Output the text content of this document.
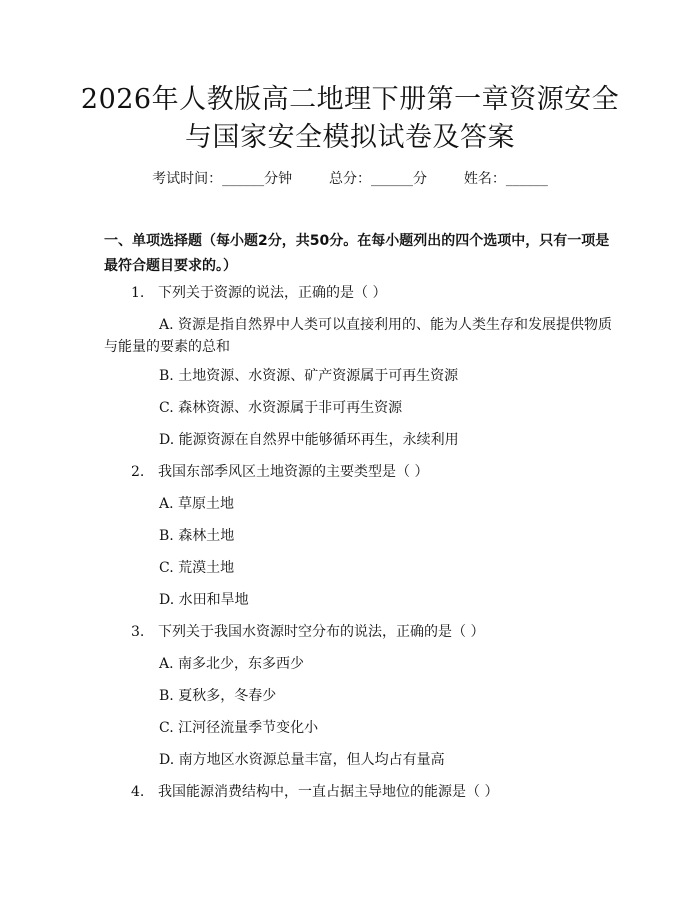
2026年人教版高二地理下册第一章资源安全
与国家安全模拟试卷及答案
考试时间：______分钟	总分：______分	姓名：______
一、单项选择题（每小题2分，共50分。在每小题列出的四个选项中，只有一项是最符合题目要求的。）
1. 下列关于资源的说法，正确的是（ ）
A. 资源是指自然界中人类可以直接利用的、能为人类生存和发展提供物质与能量的要素的总和
B. 土地资源、水资源、矿产资源属于可再生资源
C. 森林资源、水资源属于非可再生资源
D. 能源资源在自然界中能够循环再生，永续利用
2. 我国东部季风区土地资源的主要类型是（ ）
A. 草原土地
B. 森林土地
C. 荒漠土地
D. 水田和旱地
3. 下列关于我国水资源时空分布的说法，正确的是（ ）
A. 南多北少，东多西少
B. 夏秋多，冬春少
C. 江河径流量季节变化小
D. 南方地区水资源总量丰富，但人均占有量高
4. 我国能源消费结构中，一直占据主导地位的能源是（ ）
